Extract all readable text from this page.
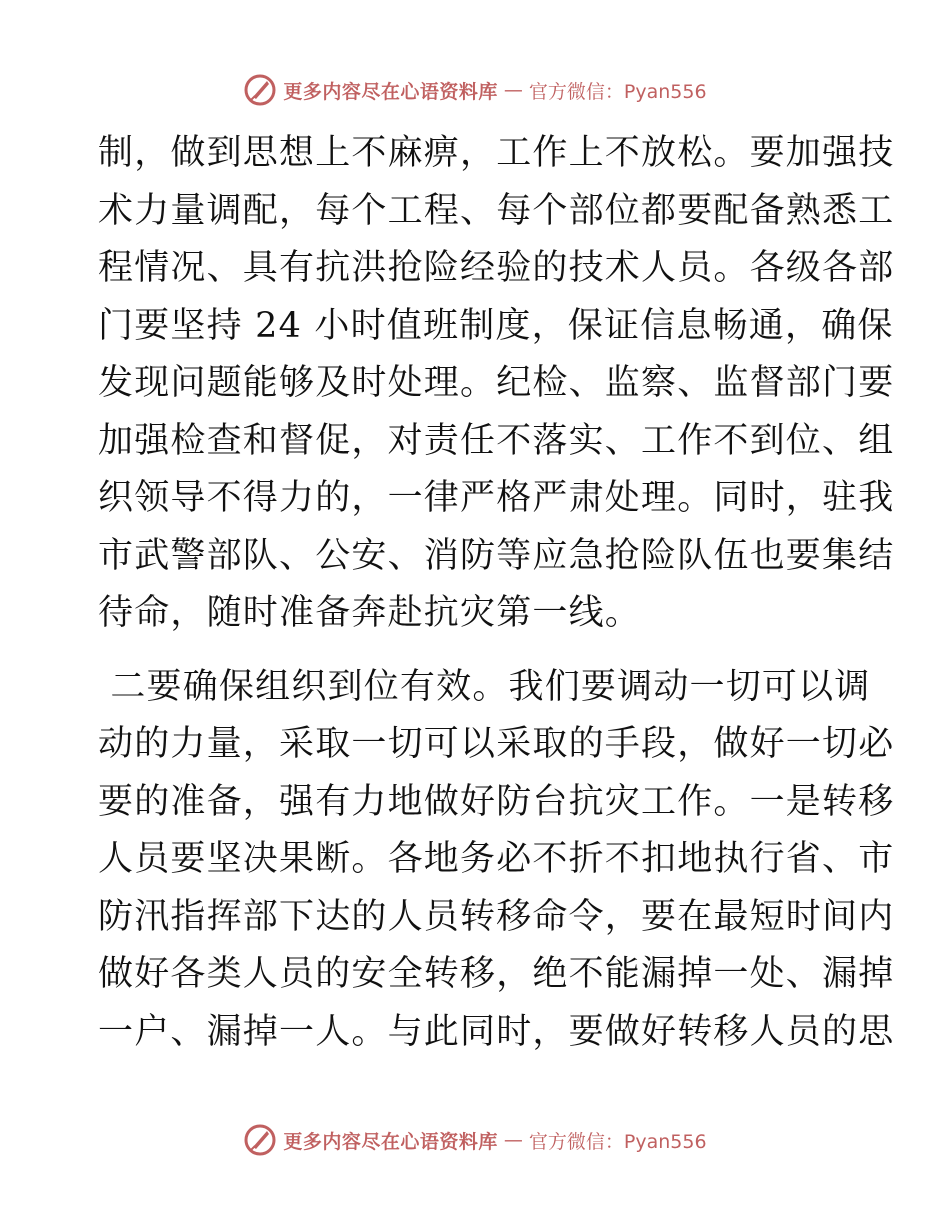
更多内容尽在心语资料库 — 官方微信：Pyan556
制，做到思想上不麻痹，工作上不放松。要加强技
术力量调配，每个工程、每个部位都要配备熟悉工
程情况、具有抗洪抢险经验的技术人员。各级各部
门要坚持 24 小时值班制度，保证信息畅通，确保
发现问题能够及时处理。纪检、监察、监督部门要
加强检查和督促，对责任不落实、工作不到位、组
织领导不得力的，一律严格严肃处理。同时，驻我
市武警部队、公安、消防等应急抢险队伍也要集结
待命，随时准备奔赴抗灾第一线。
二要确保组织到位有效。我们要调动一切可以调
动的力量，采取一切可以采取的手段，做好一切必
要的准备，强有力地做好防台抗灾工作。一是转移
人员要坚决果断。各地务必不折不扣地执行省、市
防汛指挥部下达的人员转移命令，要在最短时间内
做好各类人员的安全转移，绝不能漏掉一处、漏掉
一户、漏掉一人。与此同时，要做好转移人员的思
更多内容尽在心语资料库 — 官方微信：Pyan556
